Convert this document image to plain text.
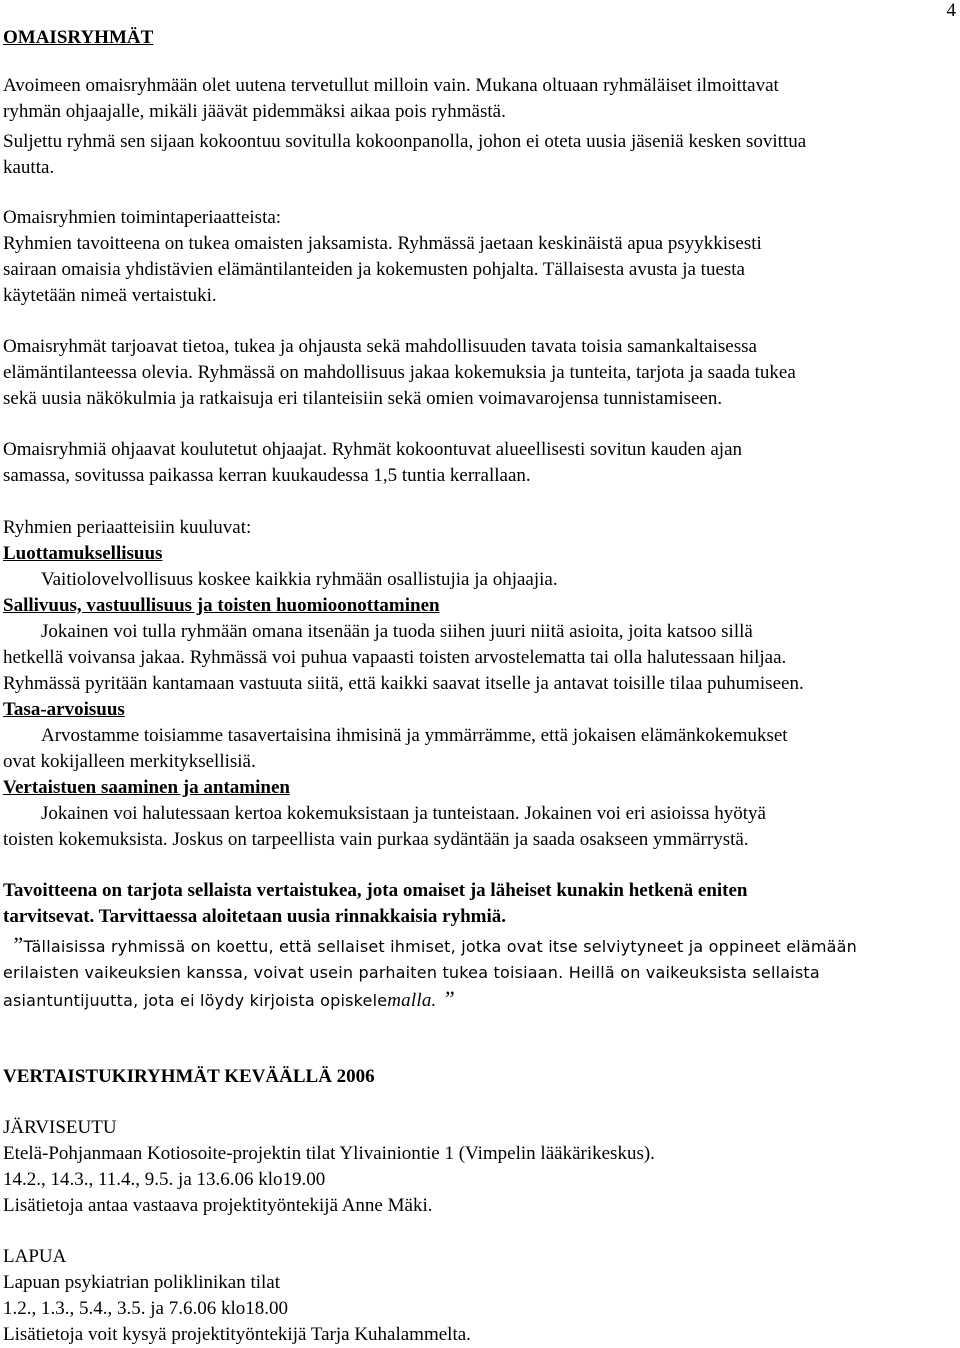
4
OMAISRYHMÄT
Avoimeen omaisryhmään olet uutena tervetullut milloin vain. Mukana oltuaan ryhmäläiset ilmoittavat
ryhmän ohjaajalle, mikäli jäävät pidemmäksi aikaa pois ryhmästä.
Suljettu ryhmä sen sijaan kokoontuu sovitulla kokoonpanolla, johon ei oteta uusia jäseniä kesken sovittua
kautta.
Omaisryhmien toimintaperiaatteista:
Ryhmien tavoitteena on tukea omaisten jaksamista. Ryhmässä jaetaan keskinäistä apua psyykkisesti
sairaan omaisia yhdistävien elämäntilanteiden ja kokemusten pohjalta. Tällaisesta avusta ja tuesta
käytetään nimeä vertaistuki.
Omaisryhmät tarjoavat tietoa, tukea ja ohjausta sekä mahdollisuuden tavata toisia samankaltaisessa
elämäntilanteessa olevia. Ryhmässä on mahdollisuus jakaa kokemuksia ja tunteita, tarjota ja saada tukea
sekä uusia näkökulmia ja ratkaisuja eri tilanteisiin sekä omien voimavarojensa tunnistamiseen.
Omaisryhmiä ohjaavat koulutetut ohjaajat. Ryhmät kokoontuvat alueellisesti sovitun kauden ajan
samassa, sovitussa paikassa kerran kuukaudessa 1,5 tuntia kerrallaan.
Ryhmien periaatteisiin kuuluvat:
Luottamuksellisuus
Vaitiolovelvollisuus koskee kaikkia ryhmään osallistujia ja ohjaajia.
Sallivuus, vastuullisuus ja toisten huomioonottaminen
Jokainen voi tulla ryhmään omana itsenään ja tuoda siihen juuri niitä asioita, joita katsoo sillä
hetkellä voivansa jakaa. Ryhmässä voi puhua vapaasti toisten arvostelematta tai olla halutessaan hiljaa.
Ryhmässä pyritään kantamaan vastuuta siitä, että kaikki saavat itselle ja antavat toisille tilaa puhumiseen.
Tasa-arvoisuus
Arvostamme toisiamme tasavertaisina ihmisinä ja ymmärrämme, että jokaisen elämänkokemukset
ovat kokijalleen merkityksellisiä.
Vertaistuen saaminen ja antaminen
Jokainen voi halutessaan kertoa kokemuksistaan ja tunteistaan. Jokainen voi eri asioissa hyötyä
toisten kokemuksista. Joskus on tarpeellista vain purkaa sydäntään ja saada osakseen ymmärrystä.
Tavoitteena on tarjota sellaista vertaistukea, jota omaiset ja läheiset kunakin hetkenä eniten
tarvitsevat. Tarvittaessa aloitetaan uusia rinnakkaisia ryhmiä.
”Tällaisissa ryhmissä on koettu, että sellaiset ihmiset, jotka ovat itse selviytyneet ja oppineet elämään
erilaisten vaikeuksien kanssa, voivat usein parhaiten tukea toisiaan. Heillä on vaikeuksista sellaista
asiantuntijuutta, jota ei löydy kirjoista opiskelemalla. ”
VERTAISTUKIRYHMÄT KEVÄÄLLÄ 2006
JÄRVISEUTU
Etelä-Pohjanmaan Kotiosoite-projektin tilat Ylivainiontie 1 (Vimpelin lääkärikeskus).
14.2., 14.3., 11.4., 9.5. ja 13.6.06 klo19.00
Lisätietoja antaa vastaava projektityöntekijä Anne Mäki.
LAPUA
Lapuan psykiatrian poliklinikan tilat
1.2., 1.3., 5.4., 3.5. ja 7.6.06 klo18.00
Lisätietoja voit kysyä projektityöntekijä Tarja Kuhalammelta.
